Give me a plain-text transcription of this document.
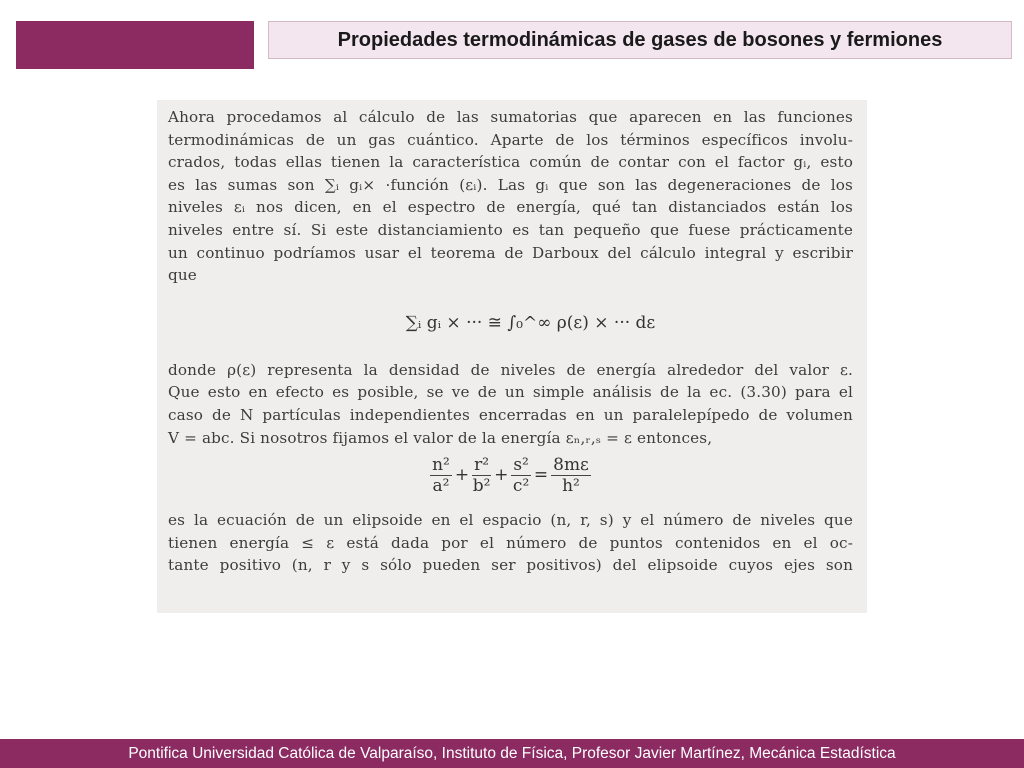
Propiedades termodinámicas de gases de bosones y fermiones

Ahora procedamos al cálculo de las sumatorias que aparecen en las funciones
termodinámicas de un gas cuántico. Aparte de los términos específicos involu-
crados, todas ellas tienen la característica común de contar con el factor gᵢ, esto
es las sumas son ∑ᵢ gᵢ× ·función (εᵢ). Las gᵢ que son las degeneraciones de los
niveles εᵢ nos dicen, en el espectro de energía, qué tan distanciados están los
niveles entre sí. Si este distanciamiento es tan pequeño que fuese prácticamente
un continuo podríamos usar el teorema de Darboux del cálculo integral y escribir
que

∑ᵢ gᵢ × ··· ≅ ∫₀^∞ ρ(ε) × ··· dε

donde ρ(ε) representa la densidad de niveles de energía alrededor del valor ε.
Que esto en efecto es posible, se ve de un simple análisis de la ec. (3.30) para el
caso de N partículas independientes encerradas en un paralelepípedo de volumen
V = abc. Si nosotros fijamos el valor de la energía εₙ,ᵣ,ₛ = ε entonces,

$\frac{\text{n²}}{\text{a²}} + \frac{\text{r²}}{\text{b²}} + \frac{\text{s²}}{\text{c²}} = \frac{8m\varepsilon}{\text{h²}}$

es la ecuación de un elipsoide en el espacio (n, r, s) y el número de niveles que
tienen energía ≤ ε está dada por el número de puntos contenidos en el oc-
tante positivo (n, r y s sólo pueden ser positivos) del elipsoide cuyos ejes son

Pontifica Universidad Católica de Valparaíso, Instituto de Física, Profesor Javier Martínez, Mecánica Estadística
